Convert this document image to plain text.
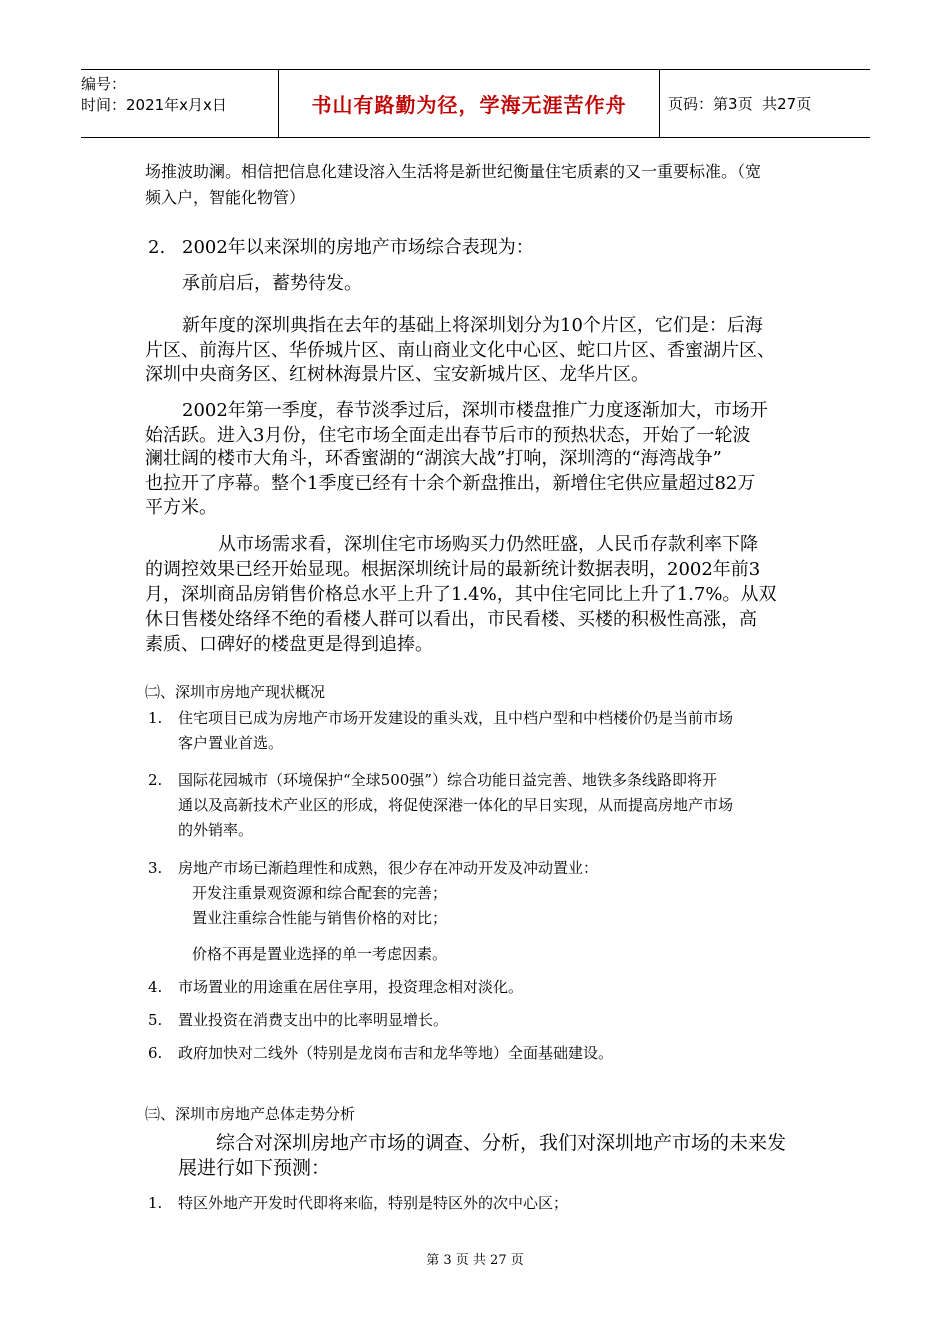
编号：
时间：2021年x月x日	书山有路勤为径，学海无涯苦作舟	页码：第 3 页  共 27 页
场推波助澜。相信把信息化建设溶入生活将是新世纪衡量住宅质素的又一重要标准。（宽
频入户，智能化物管）
2. 2002年以来深圳的房地产市场综合表现为：
承前启后，蓄势待发。
新年度的深圳典指在去年的基础上将深圳划分为10个片区，它们是：后海
片区、前海片区、华侨城片区、南山商业文化中心区、蛇口片区、香蜜湖片区、
深圳中央商务区、红树林海景片区、宝安新城片区、龙华片区。
2002年第一季度，春节淡季过后，深圳市楼盘推广力度逐渐加大，市场开
始活跃。进入3月份，住宅市场全面走出春节后市的预热状态，开始了一轮波
澜壮阔的楼市大角斗，环香蜜湖的“湖滨大战”打响，深圳湾的“海湾战争”
也拉开了序幕。整个1季度已经有十余个新盘推出，新增住宅供应量超过82万
平方米。
从市场需求看，深圳住宅市场购买力仍然旺盛，人民币存款利率下降
的调控效果已经开始显现。根据深圳统计局的最新统计数据表明，2002年前3
月，深圳商品房销售价格总水平上升了1.4%，其中住宅同比上升了1.7%。从双
休日售楼处络绎不绝的看楼人群可以看出，市民看楼、买楼的积极性高涨，高
素质、口碑好的楼盘更是得到追捧。
㈡、深圳市房地产现状概况
1. 住宅项目已成为房地产市场开发建设的重头戏，且中档户型和中档楼价仍是当前市场
客户置业首选。
2. 国际花园城市（环境保护“全球500强”）综合功能日益完善、地铁多条线路即将开
通以及高新技术产业区的形成，将促使深港一体化的早日实现，从而提高房地产市场
的外销率。
3. 房地产市场已渐趋理性和成熟，很少存在冲动开发及冲动置业：
开发注重景观资源和综合配套的完善；
置业注重综合性能与销售价格的对比；
价格不再是置业选择的单一考虑因素。
4. 市场置业的用途重在居住享用，投资理念相对淡化。
5. 置业投资在消费支出中的比率明显增长。
6. 政府加快对二线外（特别是龙岗布吉和龙华等地）全面基础建设。
㈢、深圳市房地产总体走势分析
综合对深圳房地产市场的调查、分析，我们对深圳地产市场的未来发
展进行如下预测：
1. 特区外地产开发时代即将来临，特别是特区外的次中心区；
第 3 页 共 27 页
